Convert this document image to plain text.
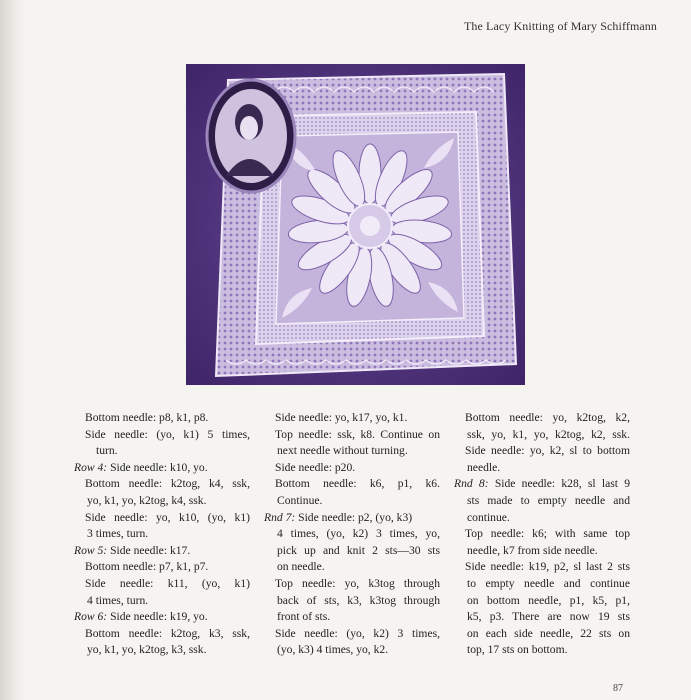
The Lacy Knitting of Mary Schiffmann

Bottom needle: p8, k1, p8.

Side needle: (yo, k1) 5 times,

turn.

Row 4: Side needle: k10, yo.

Bottom needle: k2tog, k4, ssk,

yo, k1, yo, k2tog, k4, ssk.

Side needle: yo, k10, (yo, k1)

3 times, turn.

Row 5: Side needle: k17.

Bottom needle: p7, k1, p7.

Side needle: k11, (yo, k1)

4 times, turn.

Row 6: Side needle: k19, yo.

Bottom needle: k2tog, k3, ssk,

yo, k1, yo, k2tog, k3, ssk.

Side needle: yo, k17, yo, k1.

Top needle: ssk, k8. Continue on

next needle without turning.

Side needle: p20.

Bottom needle: k6, p1, k6.

Continue.

Rnd 7: Side needle: p2, (yo, k3)

4 times, (yo, k2) 3 times, yo,

pick up and knit 2 sts—30 sts

on needle.

Top needle: yo, k3tog through

back of sts, k3, k3tog through

front of sts.

Side needle: (yo, k2) 3 times,

(yo, k3) 4 times, yo, k2.

Bottom needle: yo, k2tog, k2,

ssk, yo, k1, yo, k2tog, k2, ssk.

Side needle: yo, k2, sl to bottom

needle.

Rnd 8: Side needle: k28, sl last 9

sts made to empty needle and

continue.

Top needle: k6; with same top

needle, k7 from side needle.

Side needle: k19, p2, sl last 2 sts

to empty needle and continue

on bottom needle, p1, k5, p1,

k5, p3. There are now 19 sts

on each side needle, 22 sts on

top, 17 sts on bottom.

87
